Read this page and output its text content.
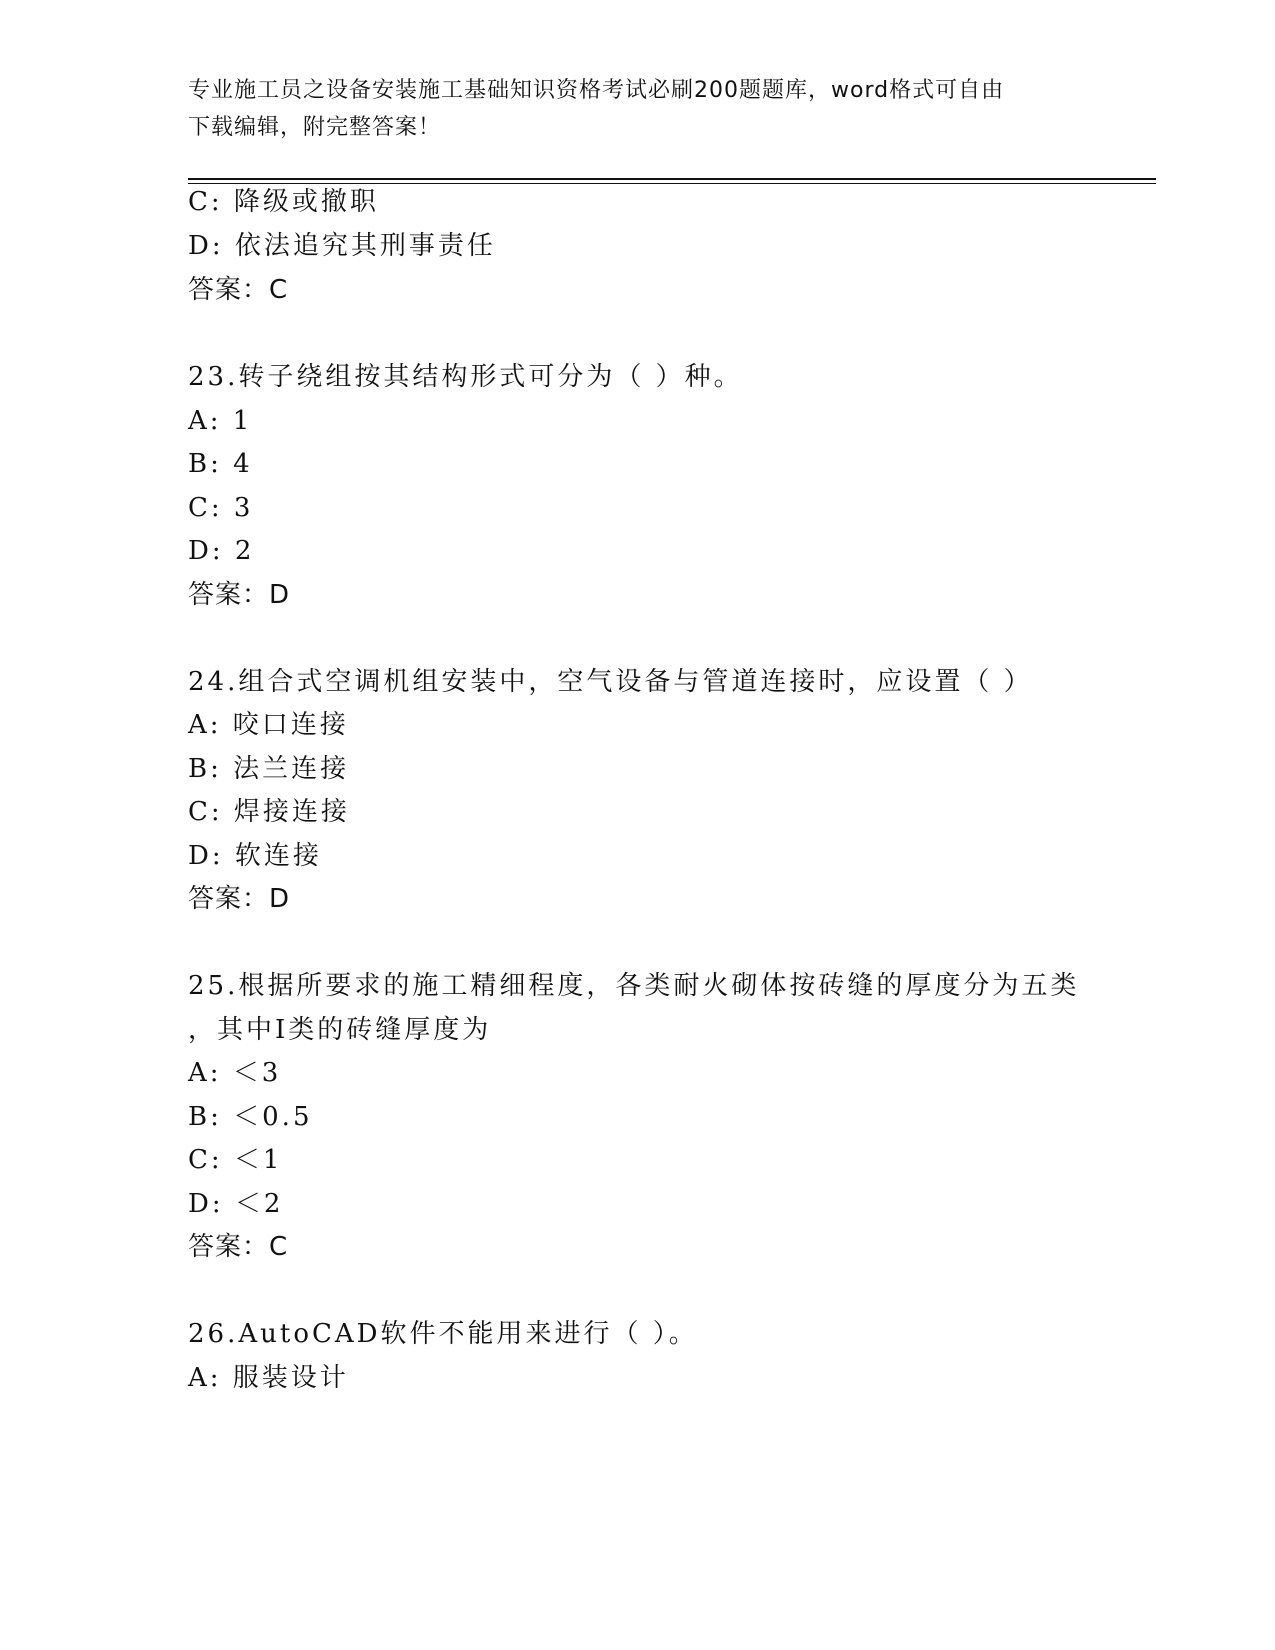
专业施工员之设备安装施工基础知识资格考试必刷200题题库，word格式可自由
下载编辑，附完整答案！
C: 降级或撤职
D: 依法追究其刑事责任
答案：C
23.转子绕组按其结构形式可分为（ ）种。
A: 1
B: 4
C: 3
D: 2
答案：D
24.组合式空调机组安装中，空气设备与管道连接时，应设置（ ）
A: 咬口连接
B: 法兰连接
C: 焊接连接
D: 软连接
答案：D
25.根据所要求的施工精细程度，各类耐火砌体按砖缝的厚度分为五类
，其中Ⅰ类的砖缝厚度为
A: ＜3
B: ＜0.5
C: ＜1
D: ＜2
答案：C
26.AutoCAD软件不能用来进行（ ）。
A: 服装设计
